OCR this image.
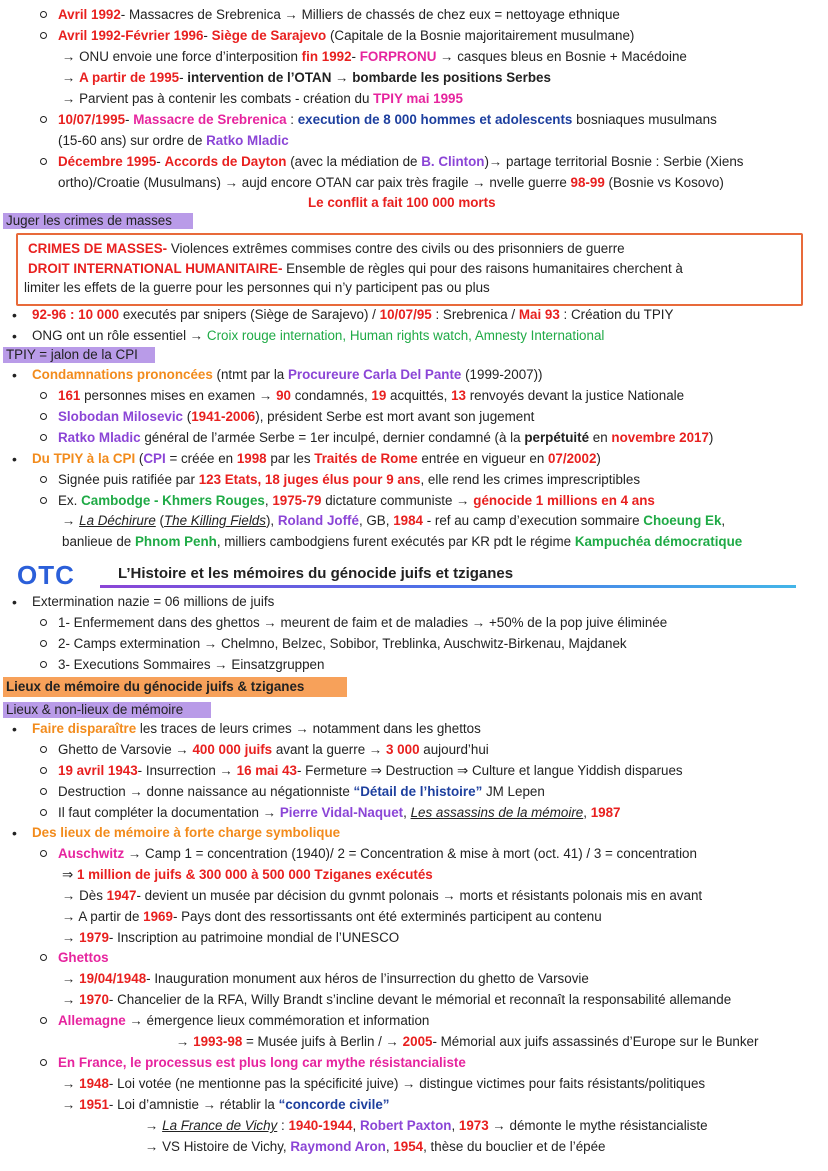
Avril 1992- Massacres de Srebrenica → Milliers de chassés de chez eux = nettoyage ethnique
Avril 1992-Février 1996- Siège de Sarajevo (Capitale de la Bosnie majoritairement musulmane)
→ ONU envoie une force d’interposition fin 1992- FORPRONU → casques bleus en Bosnie + Macédoine
→ A partir de 1995- intervention de l’OTAN → bombarde les positions Serbes
→ Parvient pas à contenir les combats - création du TPIY mai 1995
10/07/1995- Massacre de Srebrenica : execution de 8 000 hommes et adolescents bosniaques musulmans
(15-60 ans) sur ordre de Ratko Mladic
Décembre 1995- Accords de Dayton (avec la médiation de B. Clinton)→ partage territorial Bosnie : Serbie (Xiens
ortho)/Croatie (Musulmans) → aujd encore OTAN car paix très fragile → nvelle guerre 98-99 (Bosnie vs Kosovo)
Le conflit a fait 100 000 morts
Juger les crimes de masses
CRIMES DE MASSES- Violences extrêmes commises contre des civils ou des prisonniers de guerre
DROIT INTERNATIONAL HUMANITAIRE- Ensemble de règles qui pour des raisons humanitaires cherchent à
limiter les effets de la guerre pour les personnes qui n’y participent pas ou plus
• 92-96 : 10 000 executés par snipers (Siège de Sarajevo) / 10/07/95 : Srebrenica / Mai 93 : Création du TPIY
• ONG ont un rôle essentiel → Croix rouge internation, Human rights watch, Amnesty International
TPIY = jalon de la CPI
• Condamnations prononcées (ntmt par la Procureure Carla Del Pante (1999-2007))
161 personnes mises en examen → 90 condamnés, 19 acquittés, 13 renvoyés devant la justice Nationale
Slobodan Milosevic (1941-2006), président Serbe est mort avant son jugement
Ratko Mladic général de l’armée Serbe = 1er inculpé, dernier condamné (à la perpétuité en novembre 2017)
• Du TPIY à la CPI (CPI = créée en 1998 par les Traités de Rome entrée en vigueur en 07/2002)
Signée puis ratifiée par 123 Etats, 18 juges élus pour 9 ans, elle rend les crimes imprescriptibles
Ex. Cambodge - Khmers Rouges, 1975-79 dictature communiste → génocide 1 millions en 4 ans
→ La Déchirure (The Killing Fields), Roland Joffé, GB, 1984 - ref au camp d’execution sommaire Choeung Ek,
banlieue de Phnom Penh, milliers cambodgiens furent exécutés par KR pdt le régime Kampuchéa démocratique
OTC	L’Histoire et les mémoires du génocide juifs et tziganes
• Extermination nazie = 06 millions de juifs
1- Enfermement dans des ghettos → meurent de faim et de maladies → +50% de la pop juive éliminée
2- Camps extermination → Chelmno, Belzec, Sobibor, Treblinka, Auschwitz-Birkenau, Majdanek
3- Executions Sommaires → Einsatzgruppen
Lieux de mémoire du génocide juifs & tziganes
Lieux & non-lieux de mémoire
• Faire disparaître les traces de leurs crimes → notamment dans les ghettos
Ghetto de Varsovie → 400 000 juifs avant la guerre → 3 000 aujourd’hui
19 avril 1943- Insurrection → 16 mai 43- Fermeture ⇒ Destruction ⇒ Culture et langue Yiddish disparues
Destruction → donne naissance au négationniste “Détail de l’histoire” JM Lepen
Il faut compléter la documentation → Pierre Vidal-Naquet, Les assassins de la mémoire, 1987
• Des lieux de mémoire à forte charge symbolique
Auschwitz → Camp 1 = concentration (1940)/ 2 = Concentration & mise à mort (oct. 41) / 3 = concentration
⇒ 1 million de juifs & 300 000 à 500 000 Tziganes exécutés
→ Dès 1947- devient un musée par décision du gvnmt polonais → morts et résistants polonais mis en avant
→ A partir de 1969- Pays dont des ressortissants ont été exterminés participent au contenu
→ 1979- Inscription au patrimoine mondial de l’UNESCO
Ghettos
→ 19/04/1948- Inauguration monument aux héros de l’insurrection du ghetto de Varsovie
→ 1970- Chancelier de la RFA, Willy Brandt s’incline devant le mémorial et reconnaît la responsabilité allemande
Allemagne → émergence lieux commémoration et information
→ 1993-98 = Musée juifs à Berlin / → 2005- Mémorial aux juifs assassinés d’Europe sur le Bunker
En France, le processus est plus long car mythe résistancialiste
→ 1948- Loi votée (ne mentionne pas la spécificité juive) → distingue victimes pour faits résistants/politiques
→ 1951- Loi d’amnistie → rétablir la “concorde civile”
→ La France de Vichy : 1940-1944, Robert Paxton, 1973 → démonte le mythe résistancialiste
→ VS Histoire de Vichy, Raymond Aron, 1954, thèse du bouclier et de l’épée
